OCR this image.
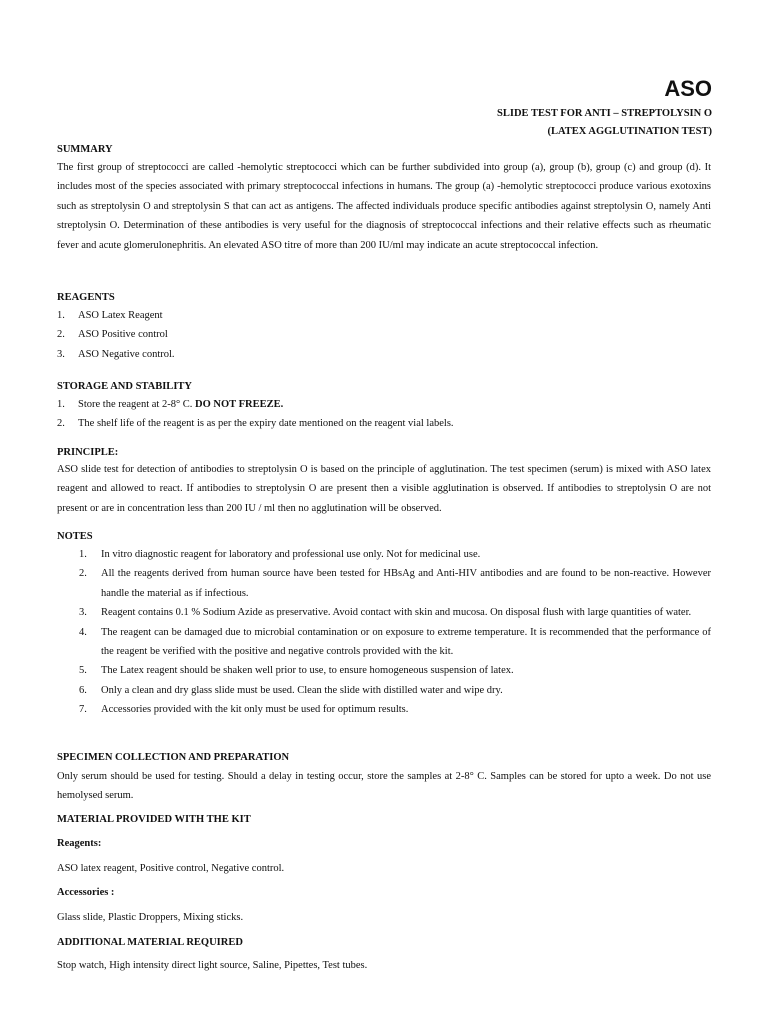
ASO
SLIDE TEST FOR ANTI – STREPTOLYSIN O
(LATEX AGGLUTINATION TEST)
SUMMARY
The first group of streptococci are called -hemolytic streptococci which can be further subdivided into group (a), group (b), group (c) and group (d). It includes most of the species associated with primary streptococcal infections in humans. The group (a) -hemolytic streptococci produce various exotoxins such as streptolysin O and streptolysin S that can act as antigens. The affected individuals produce specific antibodies against streptolysin O, namely Anti streptolysin O. Determination of these antibodies is very useful for the diagnosis of streptococcal infections and their relative effects such as rheumatic fever and acute glomerulonephritis. An elevated ASO titre of more than 200 IU/ml may indicate an acute streptococcal infection.
REAGENTS
1. ASO Latex Reagent
2. ASO Positive control
3. ASO Negative control.
STORAGE AND STABILITY
1. Store the reagent at 2-8° C. DO NOT FREEZE.
2. The shelf life of the reagent is as per the expiry date mentioned on the reagent vial labels.
PRINCIPLE:
ASO slide test for detection of antibodies to streptolysin O is based on the principle of agglutination. The test specimen (serum) is mixed with ASO latex reagent and allowed to react. If antibodies to streptolysin O are present then a visible agglutination is observed. If antibodies to streptolysin O are not present or are in concentration less than 200 IU / ml then no agglutination will be observed.
NOTES
1. In vitro diagnostic reagent for laboratory and professional use only. Not for medicinal use.
2. All the reagents derived from human source have been tested for HBsAg and Anti-HIV antibodies and are found to be non-reactive. However handle the material as if infectious.
3. Reagent contains 0.1 % Sodium Azide as preservative. Avoid contact with skin and mucosa. On disposal flush with large quantities of water.
4. The reagent can be damaged due to microbial contamination or on exposure to extreme temperature. It is recommended that the performance of the reagent be verified with the positive and negative controls provided with the kit.
5. The Latex reagent should be shaken well prior to use, to ensure homogeneous suspension of latex.
6. Only a clean and dry glass slide must be used. Clean the slide with distilled water and wipe dry.
7. Accessories provided with the kit only must be used for optimum results.
SPECIMEN COLLECTION AND PREPARATION
Only serum should be used for testing. Should a delay in testing occur, store the samples at 2-8° C. Samples can be stored for upto a week. Do not use hemolysed serum.
MATERIAL PROVIDED WITH THE KIT
Reagents:
ASO latex reagent, Positive control, Negative control.
Accessories :
Glass slide, Plastic Droppers, Mixing sticks.
ADDITIONAL MATERIAL REQUIRED
Stop watch, High intensity direct light source, Saline, Pipettes, Test tubes.
